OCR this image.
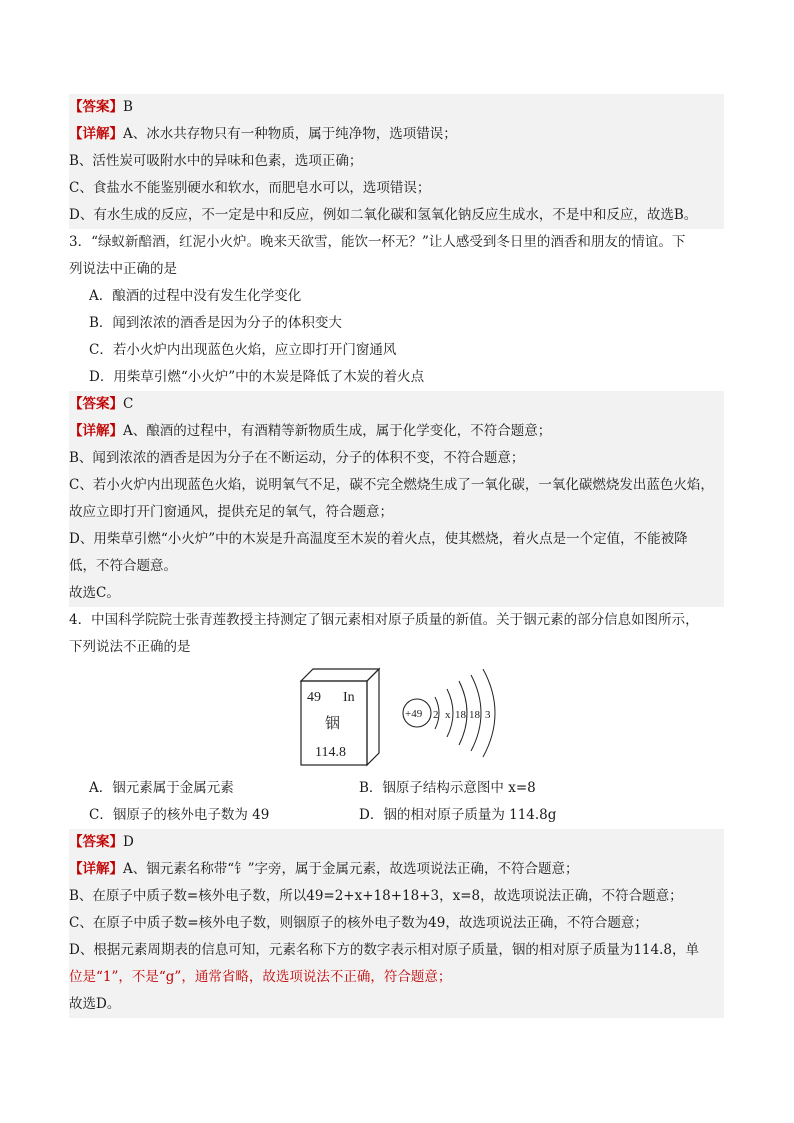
【答案】B
【详解】A、冰水共存物只有一种物质，属于纯净物，选项错误；
B、活性炭可吸附水中的异味和色素，选项正确；
C、食盐水不能鉴别硬水和软水，而肥皂水可以，选项错误；
D、有水生成的反应，不一定是中和反应，例如二氧化碳和氢氧化钠反应生成水，不是中和反应，故选B。
3．“绿蚁新醅酒，红泥小火炉。晚来天欲雪，能饮一杯无？”让人感受到冬日里的酒香和朋友的情谊。下
列说法中正确的是
A．酿酒的过程中没有发生化学变化
B．闻到浓浓的酒香是因为分子的体积变大
C．若小火炉内出现蓝色火焰，应立即打开门窗通风
D．用柴草引燃“小火炉”中的木炭是降低了木炭的着火点
【答案】C
【详解】A、酿酒的过程中，有酒精等新物质生成，属于化学变化，不符合题意；
B、闻到浓浓的酒香是因为分子在不断运动，分子的体积不变，不符合题意；
C、若小火炉内出现蓝色火焰，说明氧气不足，碳不完全燃烧生成了一氧化碳，一氧化碳燃烧发出蓝色火焰，
故应立即打开门窗通风，提供充足的氧气，符合题意；
D、用柴草引燃“小火炉”中的木炭是升高温度至木炭的着火点，使其燃烧，着火点是一个定值，不能被降
低，不符合题意。
故选C。
4．中国科学院院士张青莲教授主持测定了铟元素相对原子质量的新值。关于铟元素的部分信息如图所示，
下列说法不正确的是
49 In
铟
114.8
+49 2 x 18 18 3
A．铟元素属于金属元素	B．铟原子结构示意图中 x=8
C．铟原子的核外电子数为 49	D．铟的相对原子质量为 114.8g
【答案】D
【详解】A、铟元素名称带“钅”字旁，属于金属元素，故选项说法正确，不符合题意；
B、在原子中质子数=核外电子数，所以49=2+x+18+18+3，x=8，故选项说法正确，不符合题意；
C、在原子中质子数=核外电子数，则铟原子的核外电子数为49，故选项说法正确，不符合题意；
D、根据元素周期表的信息可知，元素名称下方的数字表示相对原子质量，铟的相对原子质量为114.8，单
位是“1”，不是“g”，通常省略，故选项说法不正确，符合题意；
故选D。
